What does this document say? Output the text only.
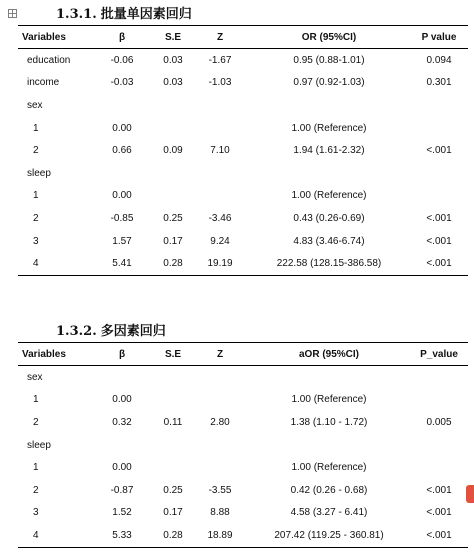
1.3.1. 批量单因素回归
Variables	β	S.E	Z	OR (95%CI)	P value
education	-0.06	0.03	-1.67	0.95 (0.88-1.01)	0.094
income	-0.03	0.03	-1.03	0.97 (0.92-1.03)	0.301
sex					
1	0.00			1.00 (Reference)	
2	0.66	0.09	7.10	1.94 (1.61-2.32)	<.001
sleep					
1	0.00			1.00 (Reference)	
2	-0.85	0.25	-3.46	0.43 (0.26-0.69)	<.001
3	1.57	0.17	9.24	4.83 (3.46-6.74)	<.001
4	5.41	0.28	19.19	222.58 (128.15-386.58)	<.001
1.3.2. 多因素回归
Variables	β	S.E	Z	aOR (95%CI)	P_value
sex					
1	0.00			1.00 (Reference)	
2	0.32	0.11	2.80	1.38 (1.10 - 1.72)	0.005
sleep					
1	0.00			1.00 (Reference)	
2	-0.87	0.25	-3.55	0.42 (0.26 - 0.68)	<.001
3	1.52	0.17	8.88	4.58 (3.27 - 6.41)	<.001
4	5.33	0.28	18.89	207.42 (119.25 - 360.81)	<.001
